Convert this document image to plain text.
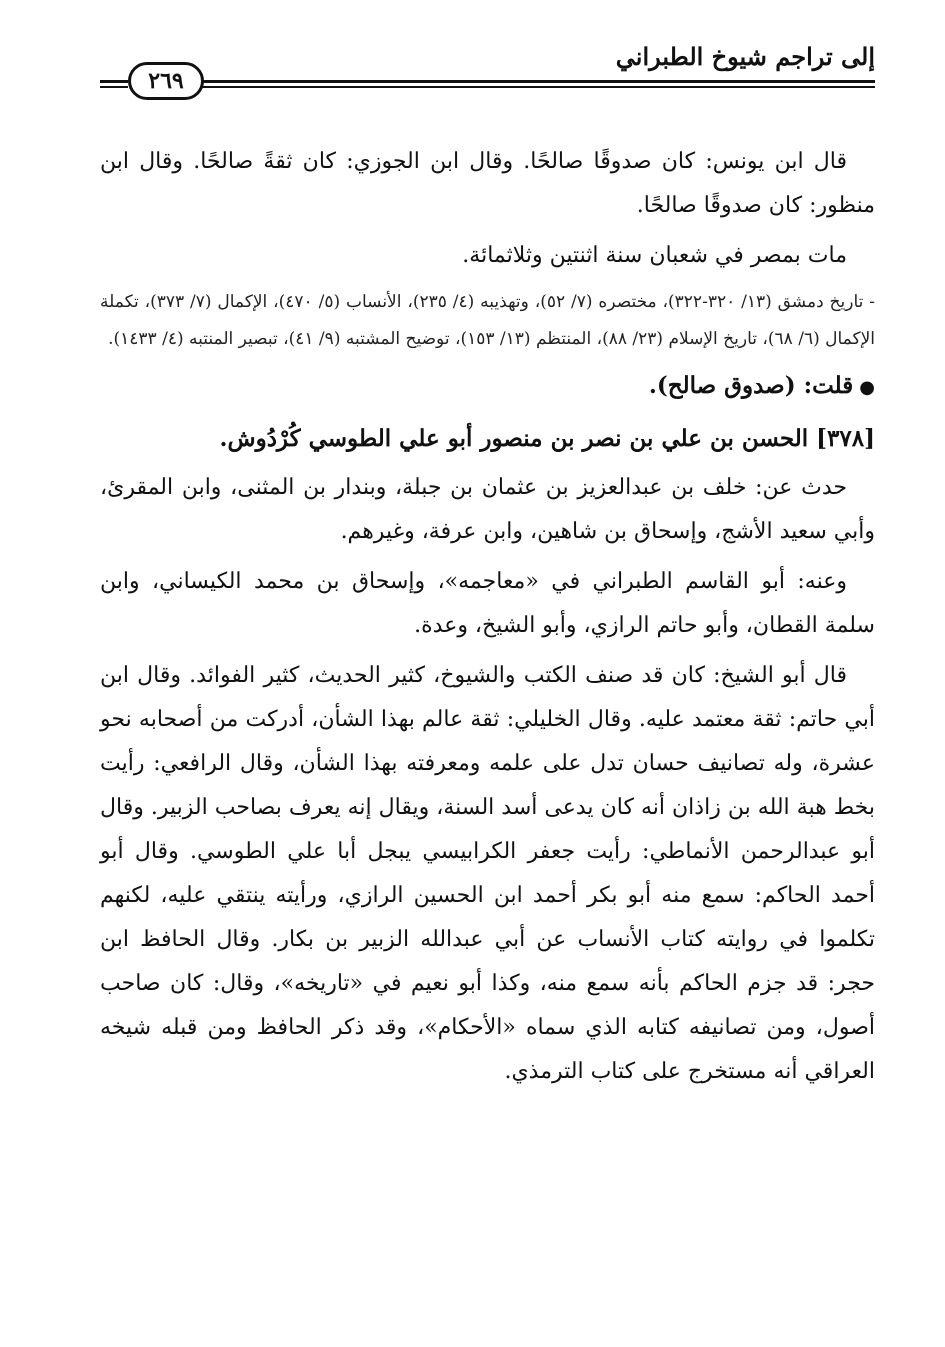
إلى تراجم شيوخ الطبراني
٢٦٩

قال ابن يونس: كان صدوقًا صالحًا. وقال ابن الجوزي: كان ثقةً صالحًا. وقال ابن منظور: كان صدوقًا صالحًا.

مات بمصر في شعبان سنة اثنتين وثلاثمائة.

- تاريخ دمشق (١٣/ ٣٢٠-٣٢٢)، مختصره (٧/ ٥٢)، وتهذيبه (٤/ ٢٣٥)، الأنساب (٥/ ٤٧٠)، الإكمال (٧/ ٣٧٣)، تكملة الإكمال (٦/ ٦٨)، تاريخ الإسلام (٢٣/ ٨٨)، المنتظم (١٣/ ١٥٣)، توضيح المشتبه (٩/ ٤١)، تبصير المنتبه (٤/ ١٤٣٣).

●قلت: (صدوق صالح).

[٣٧٨] الحسن بن علي بن نصر بن منصور أبو علي الطوسي كُرْدُوش.

حدث عن: خلف بن عبدالعزيز بن عثمان بن جبلة، وبندار بن المثنى، وابن المقرئ، وأبي سعيد الأشج، وإسحاق بن شاهين، وابن عرفة، وغيرهم.

وعنه: أبو القاسم الطبراني في «معاجمه»، وإسحاق بن محمد الكيساني، وابن سلمة القطان، وأبو حاتم الرازي، وأبو الشيخ، وعدة.

قال أبو الشيخ: كان قد صنف الكتب والشيوخ، كثير الحديث، كثير الفوائد. وقال ابن أبي حاتم: ثقة معتمد عليه. وقال الخليلي: ثقة عالم بهذا الشأن، أدركت من أصحابه نحو عشرة، وله تصانيف حسان تدل على علمه ومعرفته بهذا الشأن، وقال الرافعي: رأيت بخط هبة الله بن زاذان أنه كان يدعى أسد السنة، ويقال إنه يعرف بصاحب الزبير. وقال أبو عبدالرحمن الأنماطي: رأيت جعفر الكرابيسي يبجل أبا علي الطوسي. وقال أبو أحمد الحاكم: سمع منه أبو بكر أحمد ابن الحسين الرازي، ورأيته ينتقي عليه، لكنهم تكلموا في روايته كتاب الأنساب عن أبي عبدالله الزبير بن بكار. وقال الحافظ ابن حجر: قد جزم الحاكم بأنه سمع منه، وكذا أبو نعيم في «تاريخه»، وقال: كان صاحب أصول، ومن تصانيفه كتابه الذي سماه «الأحكام»، وقد ذكر الحافظ ومن قبله شيخه العراقي أنه مستخرج على كتاب الترمذي.
